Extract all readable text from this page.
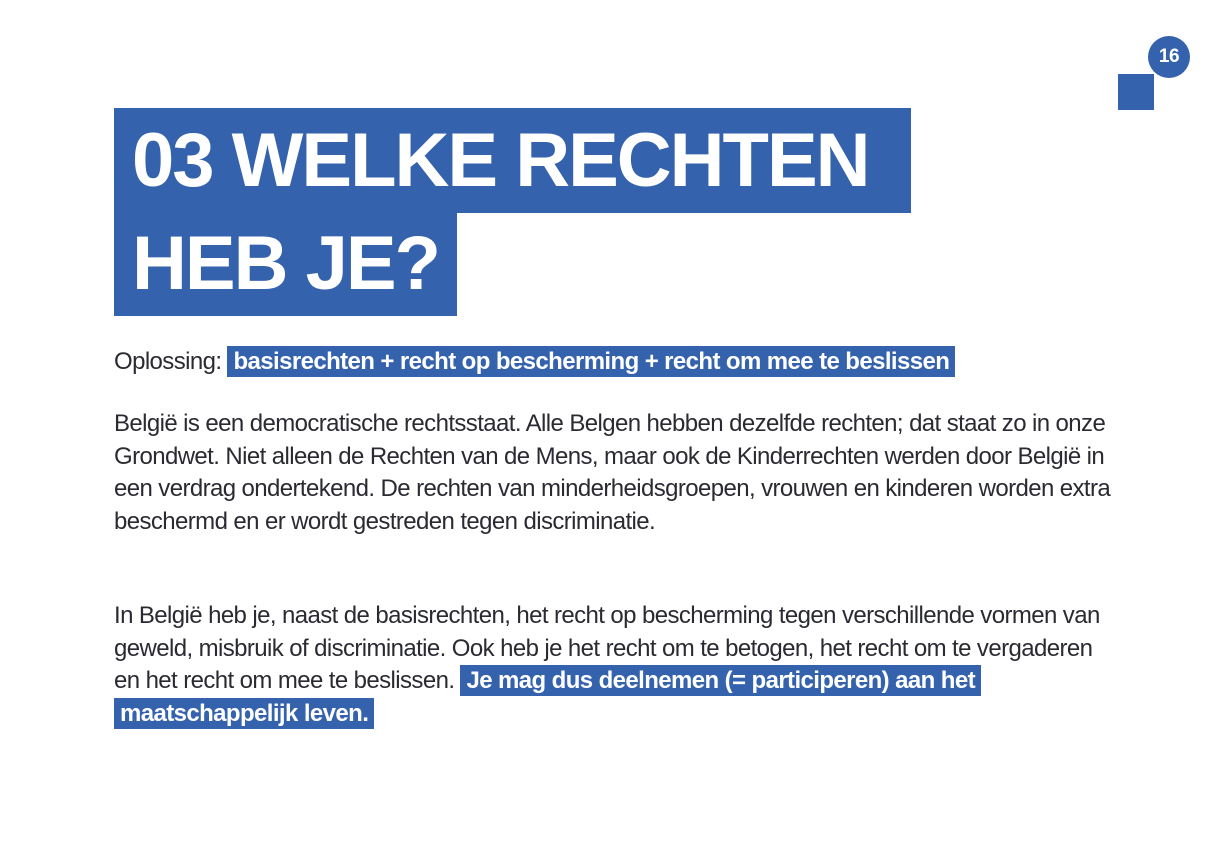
16
03 WELKE RECHTEN
HEB JE?
Oplossing: basisrechten + recht op bescherming + recht om mee te beslissen

België is een democratische rechtsstaat. Alle Belgen hebben dezelfde rechten; dat staat zo in onze Grondwet. Niet alleen de Rechten van de Mens, maar ook de Kinderrechten werden door België in een verdrag ondertekend. De rechten van minderheidsgroepen, vrouwen en kinderen worden extra beschermd en er wordt gestreden tegen discriminatie.

In België heb je, naast de basisrechten, het recht op bescherming tegen verschillende vormen van geweld, misbruik of discriminatie. Ook heb je het recht om te betogen, het recht om te vergaderen en het recht om mee te beslissen. Je mag dus deelnemen (= participeren) aan het maatschappelijk leven.
